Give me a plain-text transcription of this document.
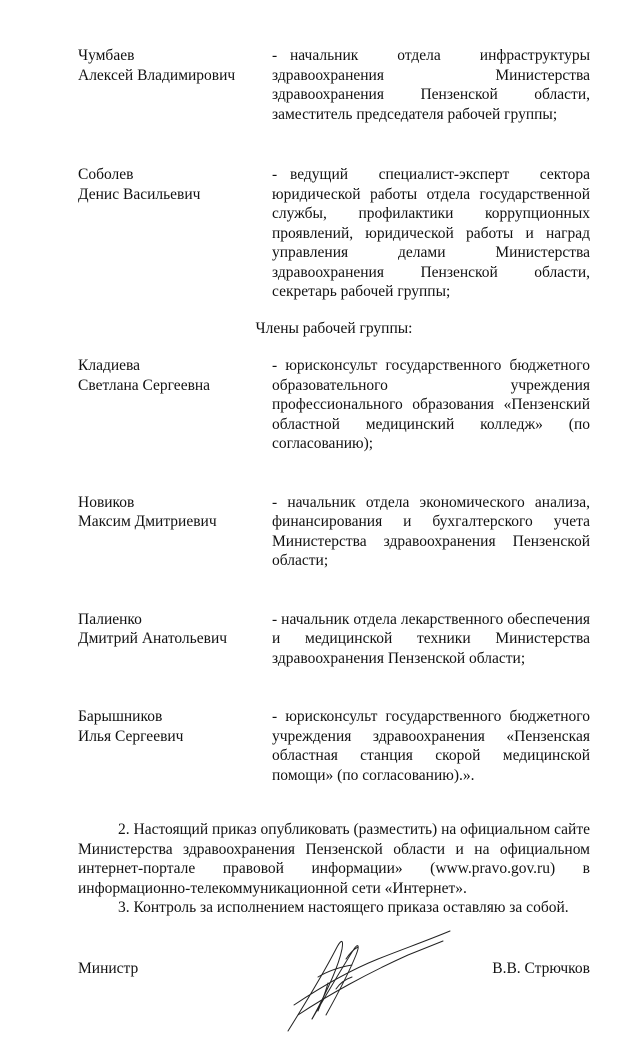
Чумбаев
Алексей Владимирович
- начальник отдела инфраструктуры здравоохранения Министерства здравоохранения Пензенской области, заместитель председателя рабочей группы;
Соболев
Денис Васильевич
- ведущий специалист-эксперт сектора юридической работы отдела государственной службы, профилактики коррупционных проявлений, юридической работы и наград управления делами Министерства здравоохранения Пензенской области, секретарь рабочей группы;
Члены рабочей группы:
Кладиева
Светлана Сергеевна
- юрисконсульт государственного бюджетного образовательного учреждения профессионального образования «Пензенский областной медицинский колледж» (по согласованию);
Новиков
Максим Дмитриевич
- начальник отдела экономического анализа, финансирования и бухгалтерского учета Министерства здравоохранения Пензенской области;
Палиенко
Дмитрий Анатольевич
- начальник отдела лекарственного обеспечения и медицинской техники Министерства здравоохранения Пензенской области;
Барышников
Илья Сергеевич
- юрисконсульт государственного бюджетного учреждения здравоохранения «Пензенская областная станция скорой медицинской помощи» (по согласованию).».

2. Настоящий приказ опубликовать (разместить) на официальном сайте Министерства здравоохранения Пензенской области и на официальном интернет-портале правовой информации» (www.pravo.gov.ru) в информационно-телекоммуникационной сети «Интернет».

3. Контроль за исполнением настоящего приказа оставляю за собой.

Министр	В.В. Стрючков
